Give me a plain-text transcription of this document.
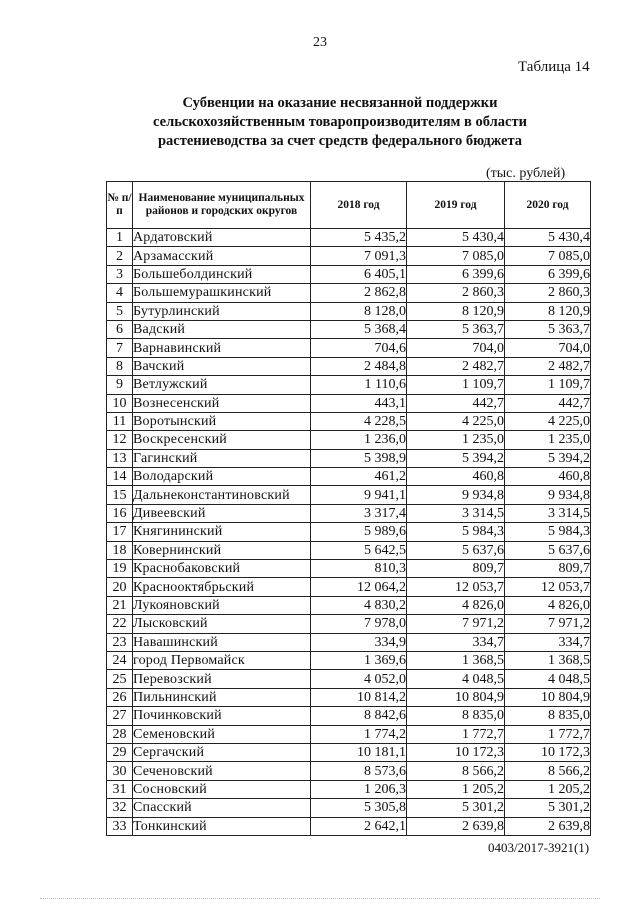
23
Таблица 14
Субвенции на оказание несвязанной поддержки
сельскохозяйственным товаропроизводителям в области
растениеводства за счет средств федерального бюджета
(тыс. рублей)
№ п/п	Наименование муниципальных районов и городских округов	2018 год	2019 год	2020 год
1	Ардатовский	5 435,2	5 430,4	5 430,4
2	Арзамасский	7 091,3	7 085,0	7 085,0
3	Большеболдинский	6 405,1	6 399,6	6 399,6
4	Большемурашкинский	2 862,8	2 860,3	2 860,3
5	Бутурлинский	8 128,0	8 120,9	8 120,9
6	Вадский	5 368,4	5 363,7	5 363,7
7	Варнавинский	704,6	704,0	704,0
8	Вачский	2 484,8	2 482,7	2 482,7
9	Ветлужский	1 110,6	1 109,7	1 109,7
10	Вознесенский	443,1	442,7	442,7
11	Воротынский	4 228,5	4 225,0	4 225,0
12	Воскресенский	1 236,0	1 235,0	1 235,0
13	Гагинский	5 398,9	5 394,2	5 394,2
14	Володарский	461,2	460,8	460,8
15	Дальнеконстантиновский	9 941,1	9 934,8	9 934,8
16	Дивеевский	3 317,4	3 314,5	3 314,5
17	Княгининский	5 989,6	5 984,3	5 984,3
18	Ковернинский	5 642,5	5 637,6	5 637,6
19	Краснобаковский	810,3	809,7	809,7
20	Краснооктябрьский	12 064,2	12 053,7	12 053,7
21	Лукояновский	4 830,2	4 826,0	4 826,0
22	Лысковский	7 978,0	7 971,2	7 971,2
23	Навашинский	334,9	334,7	334,7
24	город Первомайск	1 369,6	1 368,5	1 368,5
25	Перевозский	4 052,0	4 048,5	4 048,5
26	Пильнинский	10 814,2	10 804,9	10 804,9
27	Починковский	8 842,6	8 835,0	8 835,0
28	Семеновский	1 774,2	1 772,7	1 772,7
29	Сергачский	10 181,1	10 172,3	10 172,3
30	Сеченовский	8 573,6	8 566,2	8 566,2
31	Сосновский	1 206,3	1 205,2	1 205,2
32	Спасский	5 305,8	5 301,2	5 301,2
33	Тонкинский	2 642,1	2 639,8	2 639,8
0403/2017-3921(1)
